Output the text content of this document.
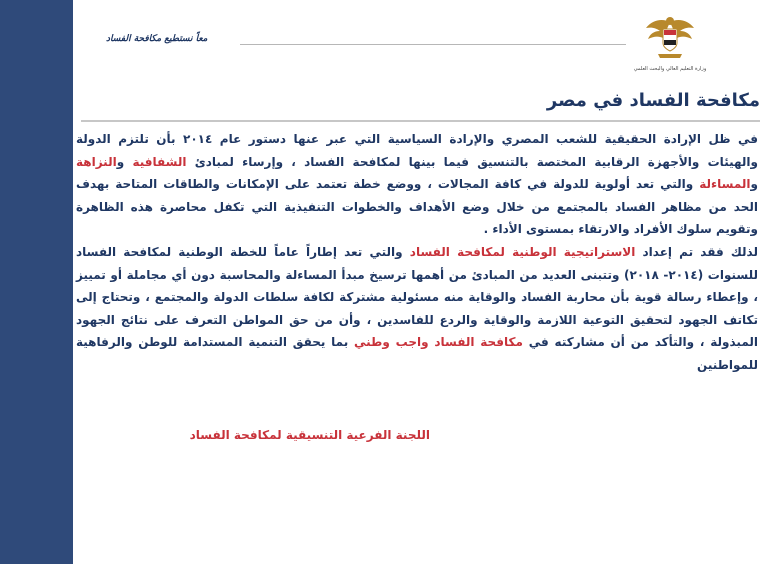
معاً نستطيع مكافحة الفساد
وزارة التعليم العالي والبحث العلمي
مكافحة الفساد في مصر

في ظل الإرادة الحقيقية للشعب المصري والإرادة السياسية التي عبر عنها دستور عام ٢٠١٤ بأن تلتزم الدولة والهيئات والأجهزة الرقابية المختصة بالتنسيق فيما بينها لمكافحة الفساد ، وإرساء لمبادئ الشفافية والنزاهة والمساءلة والتي تعد أولوية للدولة في كافة المجالات ، ووضع خطة تعتمد على الإمكانات والطاقات المتاحة بهدف الحد من مظاهر الفساد بالمجتمع من خلال وضع الأهداف والخطوات التنفيذية التي تكفل محاصرة هذه الظاهرة وتقويم سلوك الأفراد والارتقاء بمستوى الأداء .

لذلك فقد تم إعداد الاستراتيجية الوطنية لمكافحة الفساد والتي تعد إطاراً عاماً للخطة الوطنية لمكافحة الفساد للسنوات (٢٠١٤- ٢٠١٨) وتتبنى العديد من المبادئ من أهمها ترسيخ مبدأ المساءلة والمحاسبة دون أي مجاملة أو تمييز ، وإعطاء رسالة قوية بأن محاربة الفساد والوقاية منه مسئولية مشتركة لكافة سلطات الدولة والمجتمع ، وتحتاج إلى تكاتف الجهود لتحقيق التوعية اللازمة والوقاية والردع للفاسدين ، وأن من حق المواطن التعرف على نتائج الجهود المبذولة ، والتأكد من أن مشاركته في مكافحة الفساد واجب وطني بما يحقق التنمية المستدامة للوطن والرفاهية للمواطنين

اللجنة الفرعية التنسيقية لمكافحة الفساد
